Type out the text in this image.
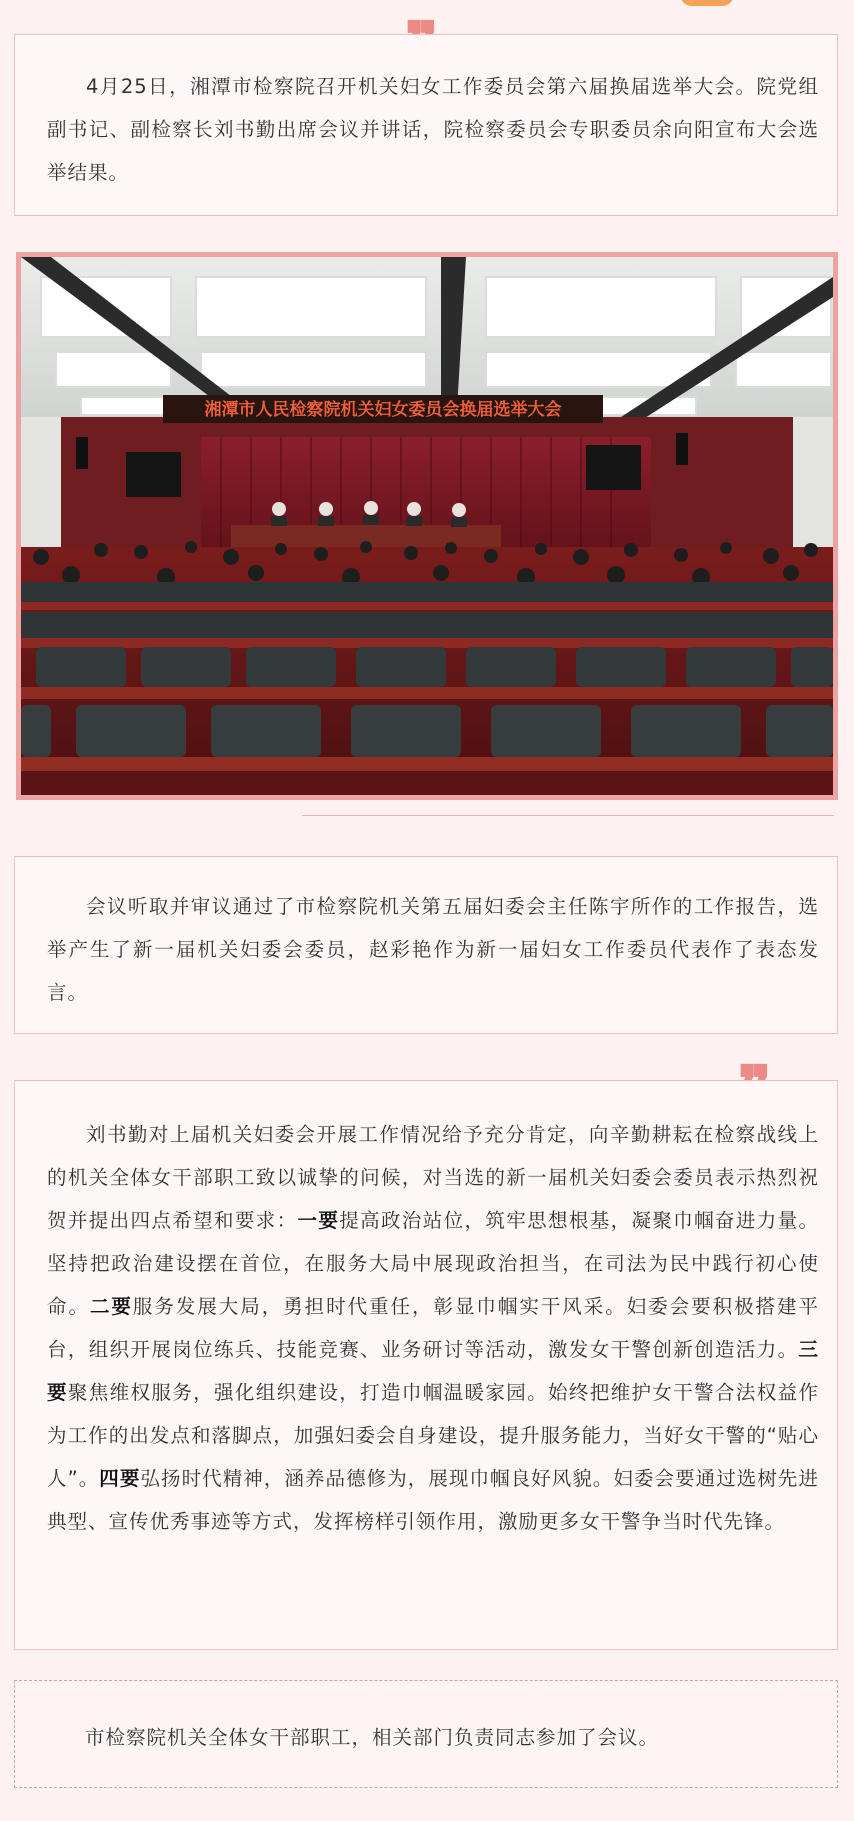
4月25日，湘潭市检察院召开机关妇女工作委员会第六届换届选举大会。院党组副书记、副检察长刘书勤出席会议并讲话，院检察委员会专职委员余向阳宣布大会选举结果。

湘潭市人民检察院机关妇女委员会换届选举大会

会议听取并审议通过了市检察院机关第五届妇委会主任陈宇所作的工作报告，选举产生了新一届机关妇委会委员，赵彩艳作为新一届妇女工作委员代表作了表态发言。

刘书勤对上届机关妇委会开展工作情况给予充分肯定，向辛勤耕耘在检察战线上的机关全体女干部职工致以诚挚的问候，对当选的新一届机关妇委会委员表示热烈祝贺并提出四点希望和要求：一要提高政治站位，筑牢思想根基，凝聚巾帼奋进力量。坚持把政治建设摆在首位，在服务大局中展现政治担当，在司法为民中践行初心使命。二要服务发展大局，勇担时代重任，彰显巾帼实干风采。妇委会要积极搭建平台，组织开展岗位练兵、技能竞赛、业务研讨等活动，激发女干警创新创造活力。三要聚焦维权服务，强化组织建设，打造巾帼温暖家园。始终把维护女干警合法权益作为工作的出发点和落脚点，加强妇委会自身建设，提升服务能力，当好女干警的“贴心人”。四要弘扬时代精神，涵养品德修为，展现巾帼良好风貌。妇委会要通过选树先进典型、宣传优秀事迹等方式，发挥榜样引领作用，激励更多女干警争当时代先锋。

市检察院机关全体女干部职工，相关部门负责同志参加了会议。
